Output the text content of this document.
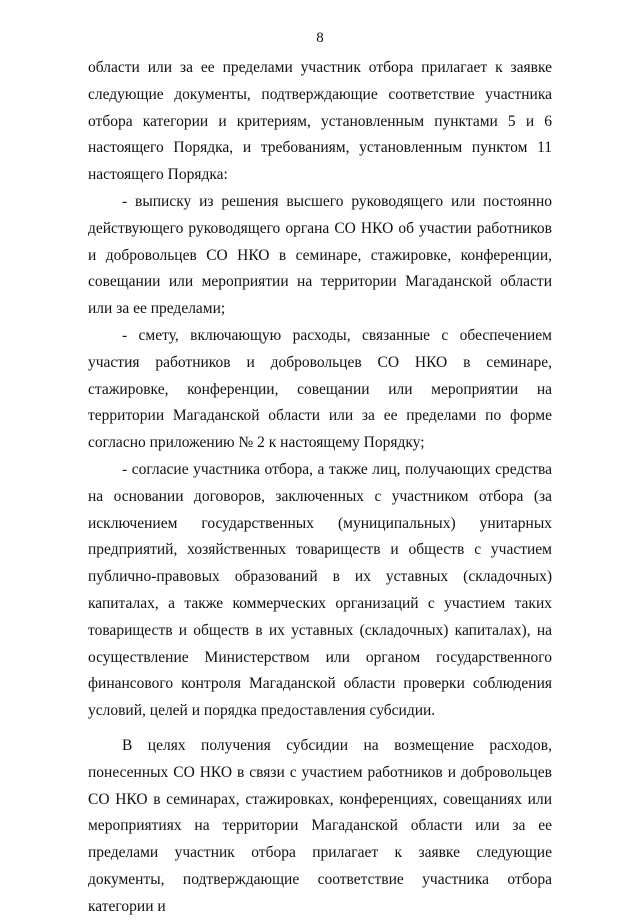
8

области или за ее пределами участник отбора прилагает к заявке следующие документы, подтверждающие соответствие участника отбора категории и критериям, установленным пунктами 5 и 6 настоящего Порядка, и требованиям, установленным пунктом 11 настоящего Порядка:

- выписку из решения высшего руководящего или постоянно действующего руководящего органа СО НКО об участии работников и добровольцев СО НКО в семинаре, стажировке, конференции, совещании или мероприятии на территории Магаданской области или за ее пределами;

- смету, включающую расходы, связанные с обеспечением участия работников и добровольцев СО НКО в семинаре, стажировке, конференции, совещании или мероприятии на территории Магаданской области или за ее пределами по форме согласно приложению № 2 к настоящему Порядку;

- согласие участника отбора, а также лиц, получающих средства на основании договоров, заключенных с участником отбора (за исключением государственных (муниципальных) унитарных предприятий, хозяйственных товариществ и обществ с участием публично-правовых образований в их уставных (складочных) капиталах, а также коммерческих организаций с участием таких товариществ и обществ в их уставных (складочных) капиталах), на осуществление Министерством или органом государственного финансового контроля Магаданской области проверки соблюдения условий, целей и порядка предоставления субсидии.

В целях получения субсидии на возмещение расходов, понесенных СО НКО в связи с участием работников и добровольцев СО НКО в семинарах, стажировках, конференциях, совещаниях или мероприятиях на территории Магаданской области или за ее пределами участник отбора прилагает к заявке следующие документы, подтверждающие соответствие участника отбора категории и
